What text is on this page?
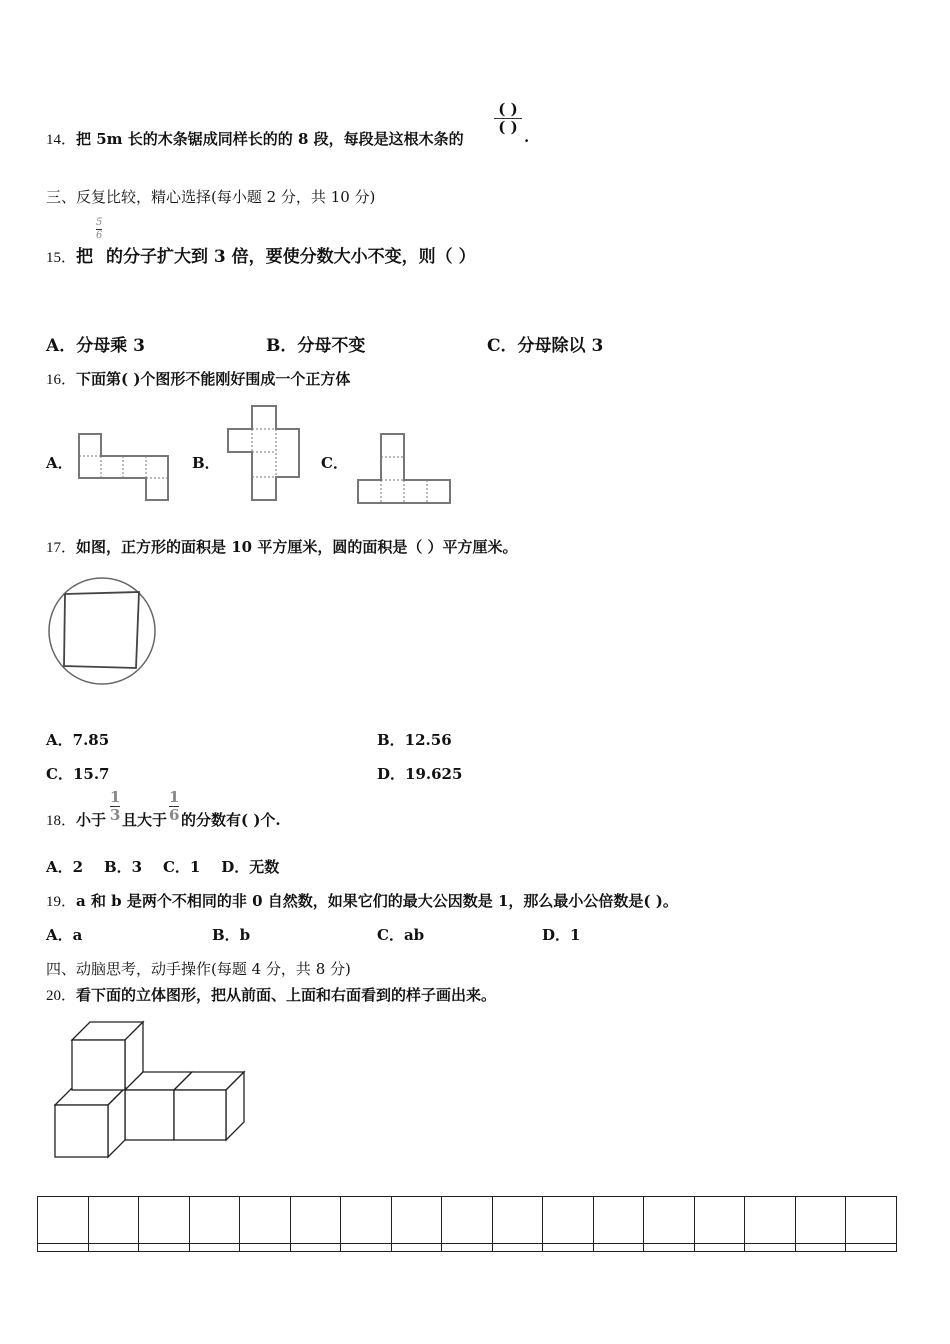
14．把 5m 长的木条锯成同样长的的 8 段，每段是这根木条的
( )
( )
.
三、反复比较，精心选择(每小题 2 分，共 10 分)
15．把
5
6
的分子扩大到 3 倍，要使分数大小不变，则（ ）
A．分母乘 3	B．分母不变	C．分母除以 3
16．下面第( )个图形不能刚好围成一个正方体
A．	B．	C．
17．如图，正方形的面积是 10 平方厘米，圆的面积是（ ）平方厘米。
A．7.85	B．12.56
C．15.7	D．19.625
18．小于
1
3 且大于
1
6 的分数有( )个.
A．2    B．3    C．1    D．无数
19．a 和 b 是两个不相同的非 0 自然数，如果它们的最大公因数是 1，那么最小公倍数是( )。
A．a	B．b	C．ab	D．1
四、动脑思考，动手操作(每题 4 分，共 8 分)
20．看下面的立体图形，把从前面、上面和右面看到的样子画出来。
